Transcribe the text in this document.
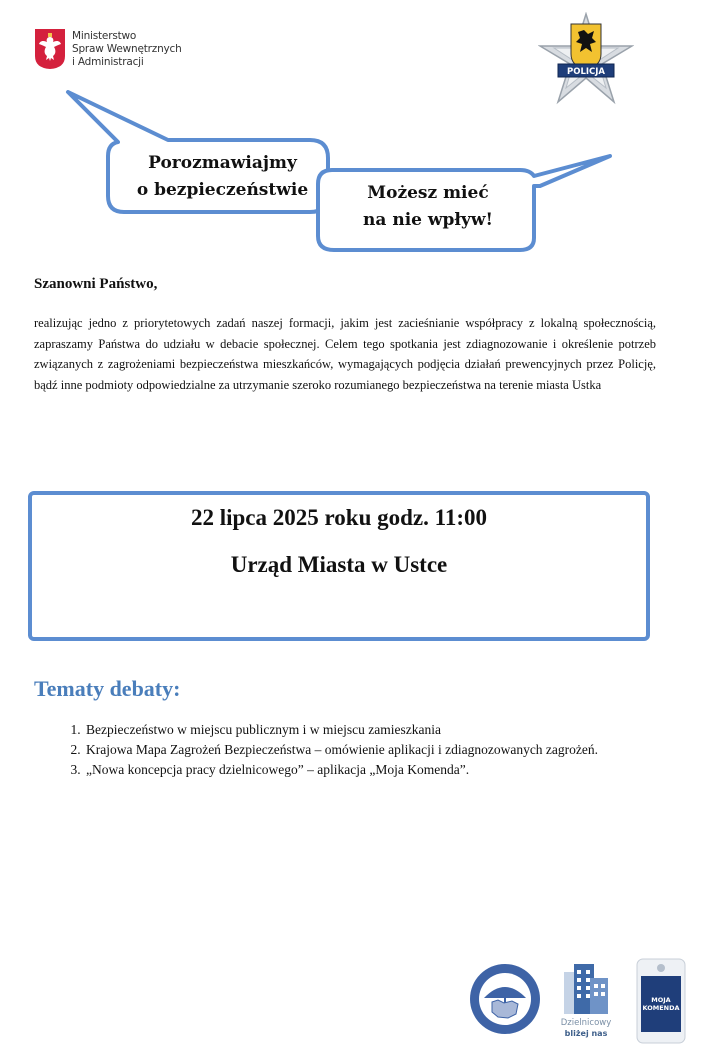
Ministerstwo
Spraw Wewnętrznych
i Administracji
POLICJA
Porozmawiajmy
o bezpieczeństwie	Możesz mieć
na nie wpływ!
Szanowni Państwo,
realizując jedno z priorytetowych zadań naszej formacji, jakim jest zacieśnianie współpracy z lokalną społecznością, zapraszamy Państwa do udziału w debacie społecznej. Celem tego spotkania jest zdiagnozowanie i określenie potrzeb związanych z zagrożeniami bezpieczeństwa mieszkańców, wymagających podjęcia działań prewencyjnych przez Policję, bądź inne podmioty odpowiedzialne za utrzymanie szeroko rozumianego bezpieczeństwa na terenie miasta Ustka
22 lipca 2025 roku godz. 11:00
Urząd Miasta w Ustce
Tematy debaty:
1. Bezpieczeństwo w miejscu publicznym i w miejscu zamieszkania
2. Krajowa Mapa Zagrożeń Bezpieczeństwa – omówienie aplikacji i zdiagnozowanych zagrożeń.
3. „Nowa koncepcja pracy dzielnicowego” – aplikacja „Moja Komenda”.
Dzielnicowy
bliżej nas
MOJA
KOMENDA
